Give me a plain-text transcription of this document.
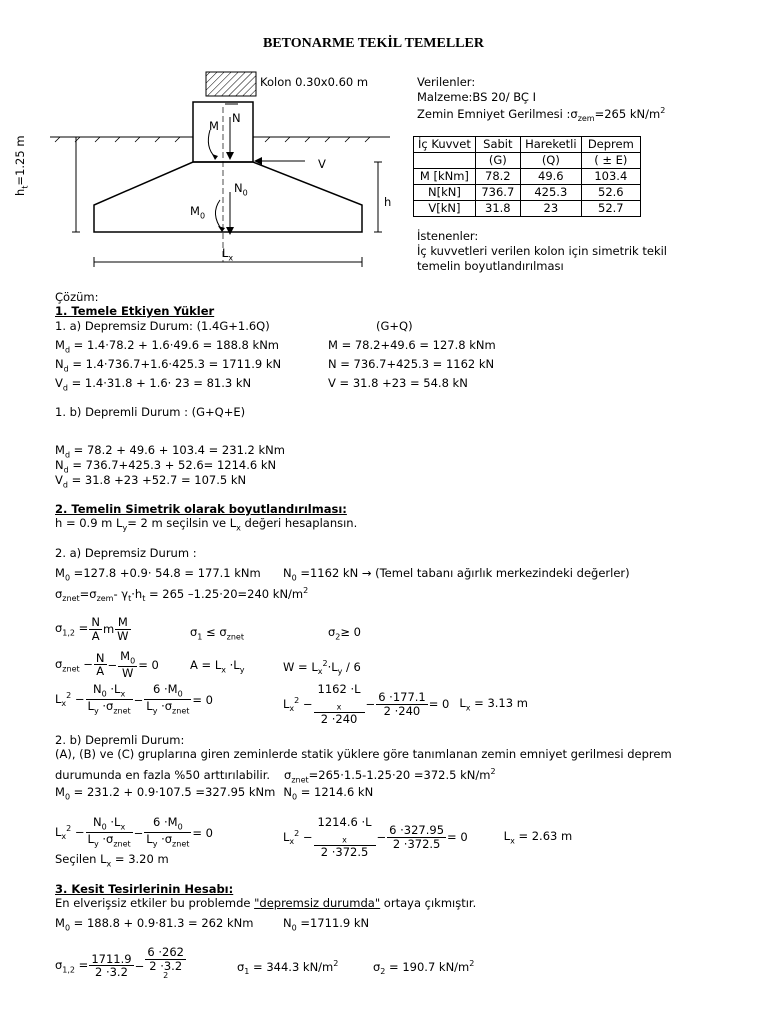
BETONARME TEKİL TEMELLER
Kolon 0.30x0.60 m
M
N
V
$N_0$
$M_0$
h
$L_x$
$h_t=1.25$ m
Verilenler:
Malzeme:BS 20/ BÇ I
Zemin Emniyet Gerilmesi $:\sigma_{zem}=265$ $kN/m^2$
İç Kuvvet	Sabit	Hareketli	Deprem
	(G)	(Q)	( ± E)
M [kNm]	78.2	49.6	103.4
N[kN]	736.7	425.3	52.6
V[kN]	31.8	23	52.7
İstenenler:
İç kuvvetleri verilen kolon için simetrik tekil
temelin boyutlandırılması
Çözüm:
1. Temele Etkiyen Yükler
1. a) Depremsiz Durum: (1.4G+1.6Q)	(G+Q)
$M_d = 1.4\cdot 78.2 + 1.6\cdot 49.6 = 188.8$ kNm
$N_d = 1.4\cdot 736.7+1.6\cdot 425.3 = 1711.9$ kN
$V_d = 1.4\cdot 31.8 + 1.6\cdot 23 = 81.3$ kN
M = 78.2+49.6 = 127.8 kNm
N = 736.7+425.3 = 1162 kN
V = 31.8 +23 = 54.8 kN
1. b) Depremli Durum : (G+Q+E)
$M_d = 78.2 + 49.6 + 103.4 = 231.2$ kNm
$N_d = 736.7+425.3 + 52.6= 1214.6$ kN
$V_d = 31.8 +23 +52.7 = 107.5$ kN
2. Temelin Simetrik olarak boyutlandırılması:
h = 0.9 m $L_y= 2$ m seçilsin ve $L_x$ değeri hesaplansın.
2. a) Depremsiz Durum :
$M_0 =127.8 +0.9\cdot 54.8 = 177.1$ kNm $N_0 =1162$ kN → (Temel tabanı ağırlık merkezindeki değerler)
$\sigma_{znet}=\sigma_{zem}-$ $\gamma_t\cdot h_t = 265$ –1.25·20=240 $kN/m^2$
$\sigma_{1,2} = \frac{N}{A}$ m $\frac{M}{W}$	$\sigma_1 \le \sigma_{znet}$	$\sigma_2\ge 0$
$\sigma_{znet} - \frac{N}{A} - \frac{M_0}{W} = 0$	$A = L_x \cdot L_y$	$W = L_x^2\cdot L_y / 6$
$L_x^2 - \frac{N_0 \cdot L_x}{L_y \cdot\sigma_{znet}} - \frac{6 \cdot M_0}{L_y \cdot\sigma_{znet}} = 0$	$L_x^2 - 1162 \cdot L$
$_x$
$2 \cdot 240 - \frac{6 \cdot 177.1}{2 \cdot 240} = 0$ $L_x = 3.13$ m
2. b) Depremli Durum:
(A), (B) ve (C) gruplarına giren zeminlerde statik yüklere göre tanımlanan zemin emniyet gerilmesi deprem
durumunda en fazla %50 arttırılabilir. $\sigma_{znet}=265\cdot 1.5-1.25\cdot 20 =372.5$ $kN/m^2$
$M_0 = 231.2 + 0.9\cdot 107.5 =327.95$ kNm $N_0 = 1214.6$ kN
$L_x^2 - \frac{N_0 \cdot L_x}{L_y \cdot\sigma_{znet}} - \frac{6 \cdot M_0}{L_y \cdot\sigma_{znet}} = 0$	$L_x^2 - 1214.6 \cdot L$
$_x$
$2 \cdot 372.5 - \frac{6 \cdot 327.95}{2 \cdot 372.5} = 0$	$L_x = 2.63$ m
Seçilen $L_x = 3.20$ m
3. Kesit Tesirlerinin Hesabı:
En elverişsiz etkiler bu problemde "depremsiz durumda" ortaya çıkmıştır.
$M_0 = 188.8 + 0.9\cdot 81.3 = 262$ kNm	$N_0 =1711.9$ kN
$\sigma_{1,2} = \frac{1711.9}{2 \cdot 3.2} - 6 \cdot 262$
2 ·3.2
$^2$	$\sigma_1 = 344.3$ $kN/m^2$	$\sigma_2 = 190.7$ $kN/m^2$
